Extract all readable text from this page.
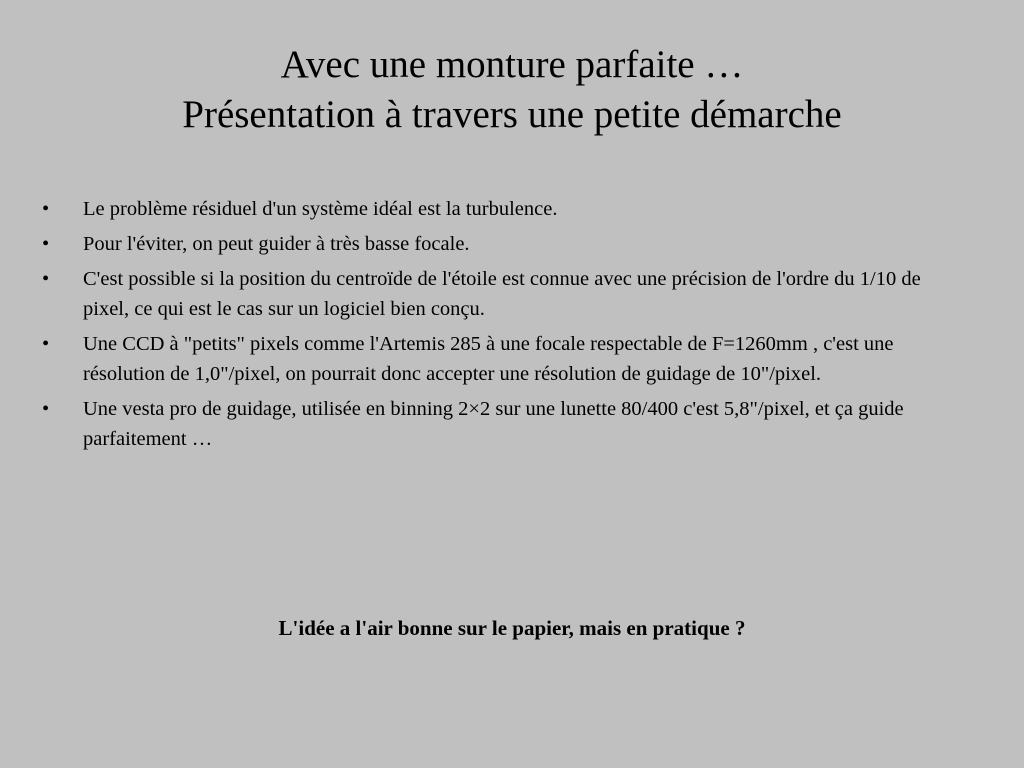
Avec une monture parfaite …
Présentation à travers une petite démarche
•	Le problème résiduel d'un système idéal est la turbulence.
•	Pour l'éviter, on peut guider à très basse focale.
•	C'est possible si la position du centroïde de l'étoile est connue avec une précision de l'ordre du 1/10 de pixel, ce qui est le cas sur un logiciel bien conçu.
•	Une CCD à "petits" pixels comme l'Artemis 285 à une focale respectable de F=1260mm , c'est une résolution de 1,0"/pixel, on pourrait donc accepter une résolution de guidage de 10"/pixel.
•	Une vesta pro de guidage, utilisée en binning 2×2 sur une lunette 80/400 c'est 5,8"/pixel, et ça guide parfaitement …

L'idée a l'air bonne sur le papier, mais en pratique ?
